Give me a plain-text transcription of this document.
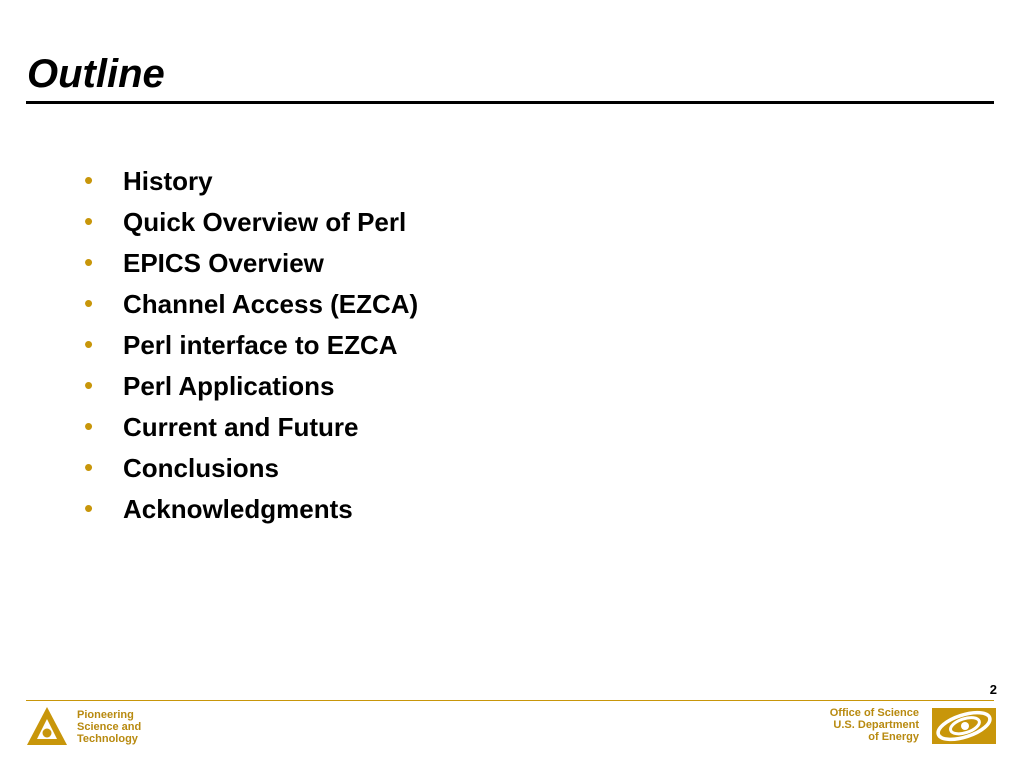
Outline
•	History
•	Quick Overview of Perl
•	EPICS Overview
•	Channel Access (EZCA)
•	Perl interface to EZCA
•	Perl Applications
•	Current and Future
•	Conclusions
•	Acknowledgments
2
Pioneering
Science and
Technology
Office of Science
U.S. Department
of Energy
